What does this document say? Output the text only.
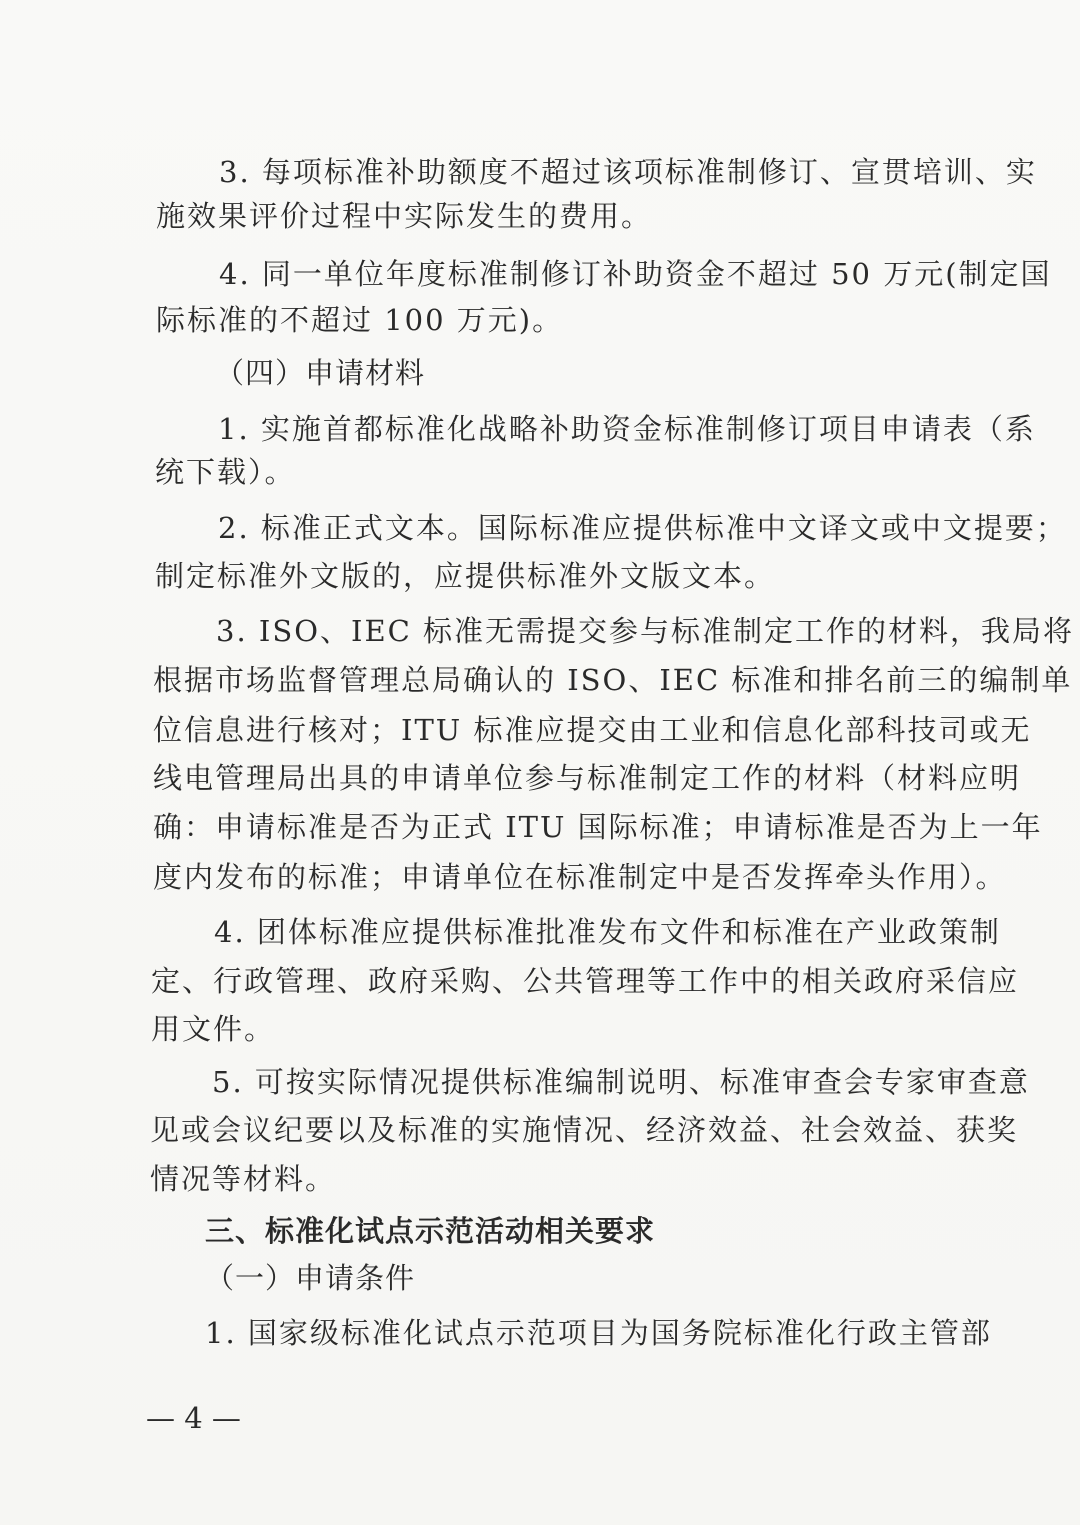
3. 每项标准补助额度不超过该项标准制修订、宣贯培训、实
施效果评价过程中实际发生的费用。
4. 同一单位年度标准制修订补助资金不超过 50 万元(制定国
际标准的不超过 100 万元)。
（四）申请材料
1. 实施首都标准化战略补助资金标准制修订项目申请表（系
统下载）。
2. 标准正式文本。国际标准应提供标准中文译文或中文提要；
制定标准外文版的，应提供标准外文版文本。
3. ISO、IEC 标准无需提交参与标准制定工作的材料，我局将
根据市场监督管理总局确认的 ISO、IEC 标准和排名前三的编制单
位信息进行核对；ITU 标准应提交由工业和信息化部科技司或无
线电管理局出具的申请单位参与标准制定工作的材料（材料应明
确：申请标准是否为正式 ITU 国际标准；申请标准是否为上一年
度内发布的标准；申请单位在标准制定中是否发挥牵头作用）。
4. 团体标准应提供标准批准发布文件和标准在产业政策制
定、行政管理、政府采购、公共管理等工作中的相关政府采信应
用文件。
5. 可按实际情况提供标准编制说明、标准审查会专家审查意
见或会议纪要以及标准的实施情况、经济效益、社会效益、获奖
情况等材料。
三、标准化试点示范活动相关要求
（一）申请条件
1. 国家级标准化试点示范项目为国务院标准化行政主管部
— 4 —
